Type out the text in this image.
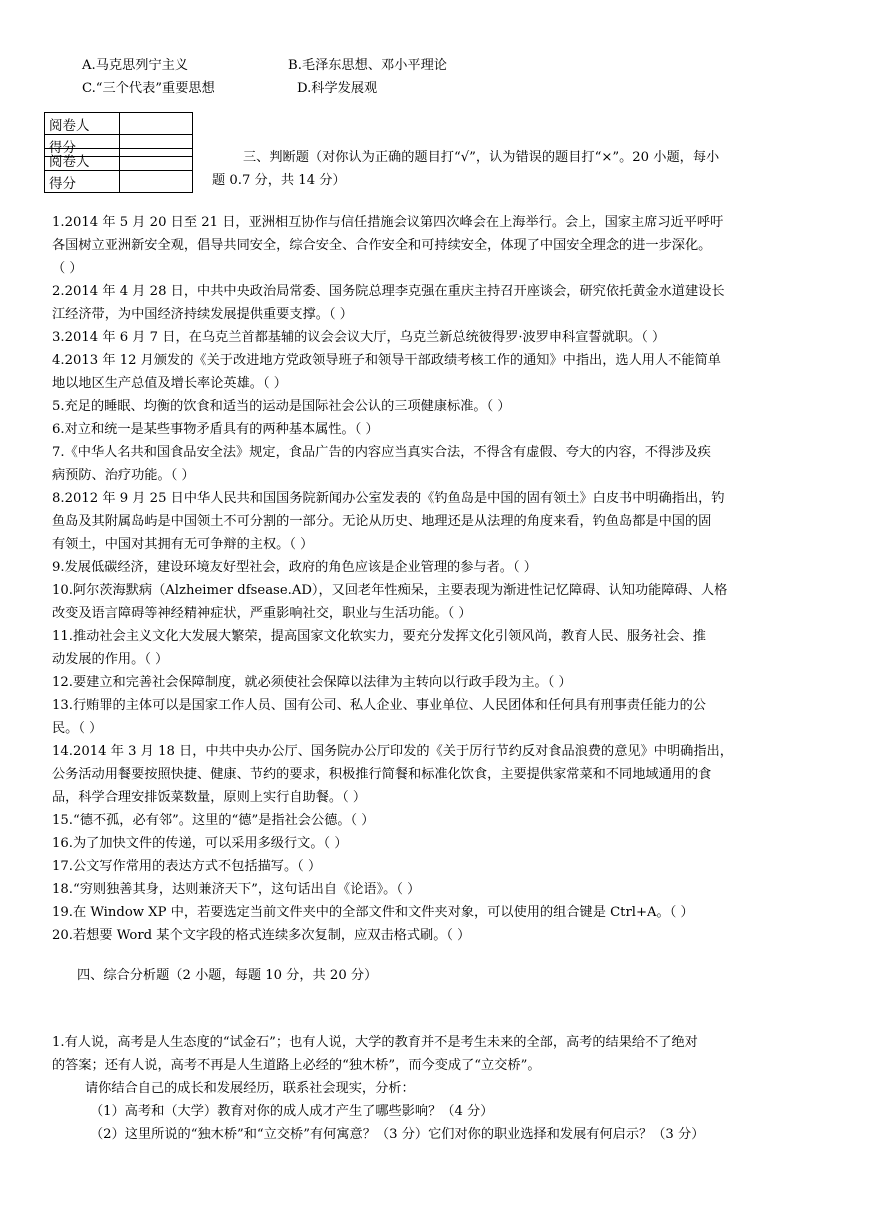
A.马克思列宁主义	B.毛泽东思想、邓小平理论
C.“三个代表”重要思想	D.科学发展观
阅卷人	
得分	
阅卷人	
得分	
三、判断题（对你认为正确的题目打“√”，认为错误的题目打“×”。20 小题，每小
题 0.7 分，共 14 分）
1.2014 年 5 月 20 日至 21 日，亚洲相互协作与信任措施会议第四次峰会在上海举行。会上，国家主席习近平呼吁
各国树立亚洲新安全观，倡导共同安全，综合安全、合作安全和可持续安全，体现了中国安全理念的进一步深化。
（ ）
2.2014 年 4 月 28 日，中共中央政治局常委、国务院总理李克强在重庆主持召开座谈会，研究依托黄金水道建设长
江经济带，为中国经济持续发展提供重要支撑。（ ）
3.2014 年 6 月 7 日，在乌克兰首都基辅的议会会议大厅，乌克兰新总统彼得罗·波罗申科宣誓就职。（ ）
4.2013 年 12 月颁发的《关于改进地方党政领导班子和领导干部政绩考核工作的通知》中指出，选人用人不能简单
地以地区生产总值及增长率论英雄。（ ）
5.充足的睡眠、均衡的饮食和适当的运动是国际社会公认的三项健康标准。（ ）
6.对立和统一是某些事物矛盾具有的两种基本属性。（ ）
7.《中华人名共和国食品安全法》规定，食品广告的内容应当真实合法，不得含有虚假、夸大的内容，不得涉及疾
病预防、治疗功能。（ ）
8.2012 年 9 月 25 日中华人民共和国国务院新闻办公室发表的《钓鱼岛是中国的固有领土》白皮书中明确指出，钓
鱼岛及其附属岛屿是中国领土不可分割的一部分。无论从历史、地理还是从法理的角度来看，钓鱼岛都是中国的固
有领土，中国对其拥有无可争辩的主权。（ ）
9.发展低碳经济，建设环境友好型社会，政府的角色应该是企业管理的参与者。（ ）
10.阿尔茨海默病（Alzheimer dfsease.AD），又回老年性痴呆，主要表现为渐进性记忆障碍、认知功能障碍、人格
改变及语言障碍等神经精神症状，严重影响社交，职业与生活功能。（ ）
11.推动社会主义文化大发展大繁荣，提高国家文化软实力，要充分发挥文化引领风尚，教育人民、服务社会、推
动发展的作用。（ ）
12.要建立和完善社会保障制度，就必须使社会保障以法律为主转向以行政手段为主。（ ）
13.行贿罪的主体可以是国家工作人员、国有公司、私人企业、事业单位、人民团体和任何具有刑事责任能力的公
民。（ ）
14.2014 年 3 月 18 日，中共中央办公厅、国务院办公厅印发的《关于厉行节约反对食品浪费的意见》中明确指出，
公务活动用餐要按照快捷、健康、节约的要求，积极推行简餐和标准化饮食，主要提供家常菜和不同地域通用的食
品，科学合理安排饭菜数量，原则上实行自助餐。（ ）
15.“德不孤，必有邻”。这里的“德”是指社会公德。（ ）
16.为了加快文件的传递，可以采用多级行文。（ ）
17.公文写作常用的表达方式不包括描写。（ ）
18.“穷则独善其身，达则兼济天下”，这句话出自《论语》。（ ）
19.在 Window XP 中，若要选定当前文件夹中的全部文件和文件夹对象，可以使用的组合键是 Ctrl+A。（ ）
20.若想要 Word 某个文字段的格式连续多次复制，应双击格式刷。（ ）
四、综合分析题（2 小题，每题 10 分，共 20 分）
1.有人说，高考是人生态度的“试金石”；也有人说，大学的教育并不是考生未来的全部，高考的结果给不了绝对
的答案；还有人说，高考不再是人生道路上必经的“独木桥”，而今变成了“立交桥”。
请你结合自己的成长和发展经历，联系社会现实，分析：
（1）高考和（大学）教育对你的成人成才产生了哪些影响？（4 分）
（2）这里所说的“独木桥”和“立交桥”有何寓意？（3 分）它们对你的职业选择和发展有何启示？（3 分）
